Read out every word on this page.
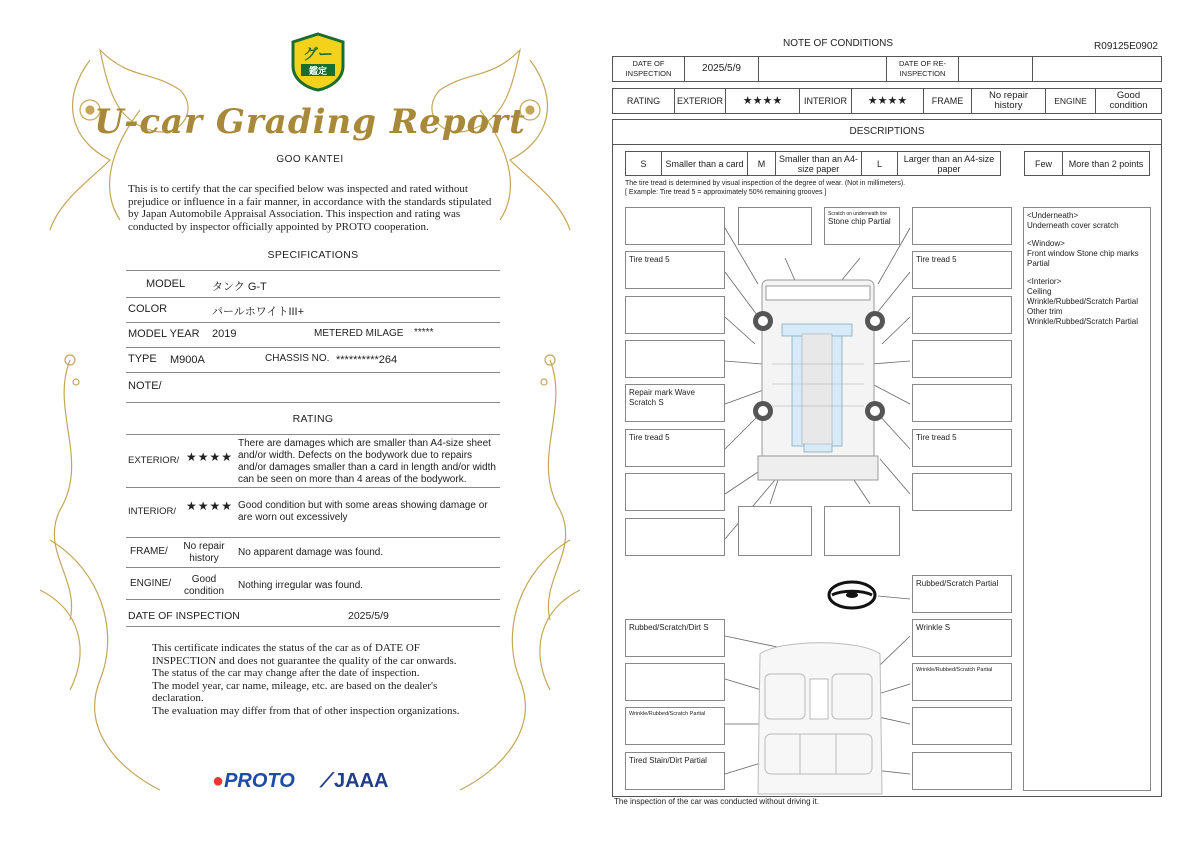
グー
鑑定
U-car Grading Report
GOO KANTEI
This is to certify that the car specified below was inspected and rated without prejudice or influence in a fair manner, in accordance with the standards stipulated by Japan Automobile Appraisal Association. This inspection and rating was conducted by inspector officially appointed by PROTO cooperation.
SPECIFICATIONS
MODEL タンク G-T
COLOR	パールホワイトIII+
MODEL YEAR 2019	METERED MILAGE *****
TYPE M900A	CHASSIS NO. **********264
NOTE/
RATING
EXTERIOR/ ★★★★
There are damages which are smaller than A4-size sheet and/or width. Defects on the bodywork due to repairs and/or damages smaller than a card in length and/or width can be seen on more than 4 areas of the bodywork.
INTERIOR/ ★★★★ Good condition but with some areas showing damage or are worn out excessively
FRAME/	No repair history
No apparent damage was found.
ENGINE/	Good condition
Nothing irregular was found.
DATE OF INSPECTION	2025/5/9
This certificate indicates the status of the car as of DATE OF
INSPECTION and does not guarantee the quality of the car onwards.
The status of the car may change after the date of inspection.
The model year, car name, mileage, etc. are based on the dealer's
declaration.
The evaluation may differ from that of other inspection organizations.
●PROTO ⟋JAAA
NOTE OF CONDITIONS	R09125E0902
DATE OF INSPECTION	2025/5/9		DATE OF RE-INSPECTION		
RATING	EXTERIOR	★★★★	INTERIOR	★★★★	FRAME	No repair history	ENGINE	Good condition
DESCRIPTIONS
S	Smaller than a card	M	Smaller than an A4-size paper	L	Larger than an A4-size paper	Few	More than 2 points
The tire tread is determined by visual inspection of the degree of wear. (Not in millimeters).
[ Example: Tire tread 5 = approximately 50% remaining grooves ]
Tire tread 5
Repair mark Wave Scratch S
Tire tread 5
Scratch on underneath tire
Stone chip Partial
Tire tread 5
Tire tread 5
Rubbed/Scratch Partial
Rubbed/Scratch/Dirt S	Wrinkle S
Wrinkle/Rubbed/Scratch Partial
Wrinkle/Rubbed/Scratch Partial
Tired Stain/Dirt Partial
<Underneath>
Underneath cover scratch
<Window>
Front window Stone chip marks Partial
<Interior>
Ceiling
Wrinkle/Rubbed/Scratch Partial
Other trim
Wrinkle/Rubbed/Scratch Partial
The inspection of the car was conducted without driving it.
